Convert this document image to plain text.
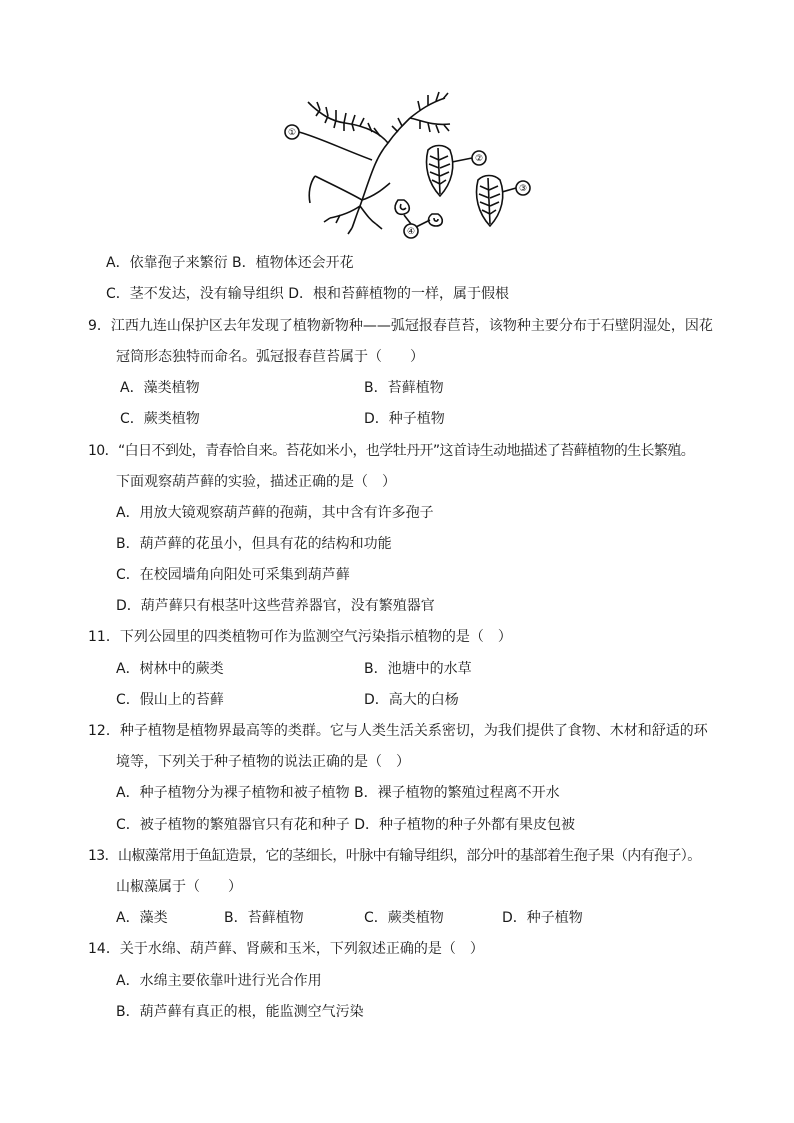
①
②
③
④
A．依靠孢子来繁衍 B．植物体还会开花
C．茎不发达，没有输导组织 D．根和苔藓植物的一样，属于假根
9．江西九连山保护区去年发现了植物新物种——弧冠报春苣苔，该物种主要分布于石壁阴湿处，因花
冠筒形态独特而命名。弧冠报春苣苔属于（　　）
A．藻类植物	B．苔藓植物
C．蕨类植物	D．种子植物
10．“白日不到处，青春恰自来。苔花如米小，也学牡丹开”这首诗生动地描述了苔藓植物的生长繁殖。
下面观察葫芦藓的实验，描述正确的是（　）
A．用放大镜观察葫芦藓的孢蒴，其中含有许多孢子
B．葫芦藓的花虽小，但具有花的结构和功能
C．在校园墙角向阳处可采集到葫芦藓
D．葫芦藓只有根茎叶这些营养器官，没有繁殖器官
11．下列公园里的四类植物可作为监测空气污染指示植物的是（　）
A．树林中的蕨类	B．池塘中的水草
C．假山上的苔藓	D．高大的白杨
12．种子植物是植物界最高等的类群。它与人类生活关系密切，为我们提供了食物、木材和舒适的环
境等，下列关于种子植物的说法正确的是（　）
A．种子植物分为裸子植物和被子植物 B．裸子植物的繁殖过程离不开水
C．被子植物的繁殖器官只有花和种子 D．种子植物的种子外都有果皮包被
13．山椒藻常用于鱼缸造景，它的茎细长，叶脉中有输导组织，部分叶的基部着生孢子果（内有孢子）。
山椒藻属于（　　）
A．藻类	B．苔藓植物	C．蕨类植物	D．种子植物
14．关于水绵、葫芦藓、肾蕨和玉米，下列叙述正确的是（　）
A．水绵主要依靠叶进行光合作用
B．葫芦藓有真正的根，能监测空气污染
